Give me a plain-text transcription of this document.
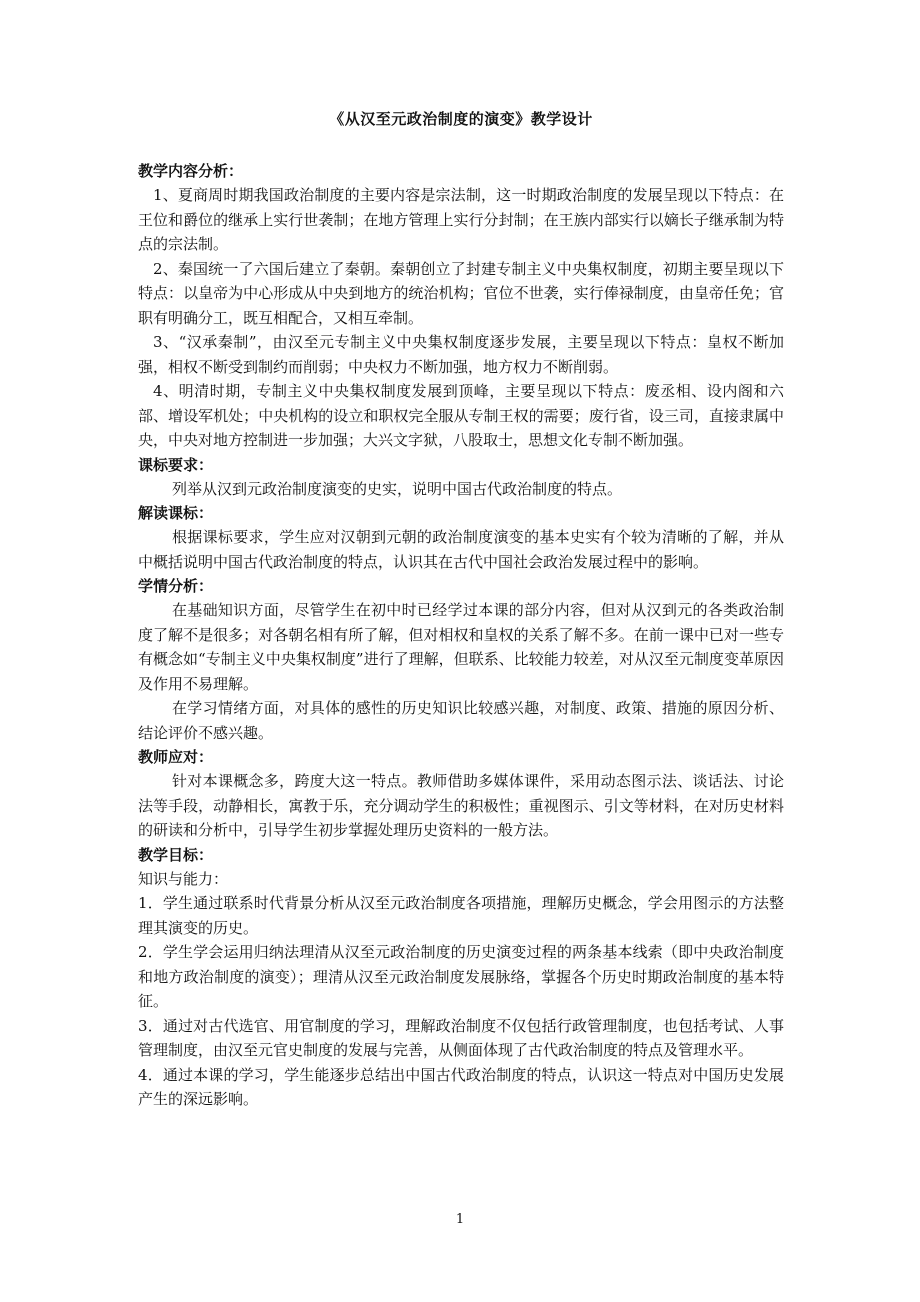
《从汉至元政治制度的演变》教学设计

教学内容分析：

1、夏商周时期我国政治制度的主要内容是宗法制，这一时期政治制度的发展呈现以下特点：在王位和爵位的继承上实行世袭制；在地方管理上实行分封制；在王族内部实行以嫡长子继承制为特点的宗法制。

2、秦国统一了六国后建立了秦朝。秦朝创立了封建专制主义中央集权制度，初期主要呈现以下特点：以皇帝为中心形成从中央到地方的统治机构；官位不世袭，实行俸禄制度，由皇帝任免；官职有明确分工，既互相配合，又相互牵制。

3、“汉承秦制”，由汉至元专制主义中央集权制度逐步发展，主要呈现以下特点：皇权不断加强，相权不断受到制约而削弱；中央权力不断加强，地方权力不断削弱。

4、明清时期，专制主义中央集权制度发展到顶峰，主要呈现以下特点：废丞相、设内阁和六部、增设军机处；中央机构的设立和职权完全服从专制王权的需要；废行省，设三司，直接隶属中央，中央对地方控制进一步加强；大兴文字狱，八股取士，思想文化专制不断加强。

课标要求：

列举从汉到元政治制度演变的史实，说明中国古代政治制度的特点。

解读课标：

根据课标要求，学生应对汉朝到元朝的政治制度演变的基本史实有个较为清晰的了解，并从中概括说明中国古代政治制度的特点，认识其在古代中国社会政治发展过程中的影响。

学情分析：

在基础知识方面，尽管学生在初中时已经学过本课的部分内容，但对从汉到元的各类政治制度了解不是很多；对各朝名相有所了解，但对相权和皇权的关系了解不多。在前一课中已对一些专有概念如“专制主义中央集权制度”进行了理解，但联系、比较能力较差，对从汉至元制度变革原因及作用不易理解。

在学习情绪方面，对具体的感性的历史知识比较感兴趣，对制度、政策、措施的原因分析、结论评价不感兴趣。

教师应对：

针对本课概念多，跨度大这一特点。教师借助多媒体课件，采用动态图示法、谈话法、讨论法等手段，动静相长，寓教于乐，充分调动学生的积极性；重视图示、引文等材料，在对历史材料的研读和分析中，引导学生初步掌握处理历史资料的一般方法。

教学目标：

知识与能力：

1．学生通过联系时代背景分析从汉至元政治制度各项措施，理解历史概念，学会用图示的方法整理其演变的历史。

2．学生学会运用归纳法理清从汉至元政治制度的历史演变过程的两条基本线索（即中央政治制度和地方政治制度的演变）；理清从汉至元政治制度发展脉络，掌握各个历史时期政治制度的基本特征。

3．通过对古代选官、用官制度的学习，理解政治制度不仅包括行政管理制度，也包括考试、人事管理制度，由汉至元官史制度的发展与完善，从侧面体现了古代政治制度的特点及管理水平。

4．通过本课的学习，学生能逐步总结出中国古代政治制度的特点，认识这一特点对中国历史发展产生的深远影响。

1
